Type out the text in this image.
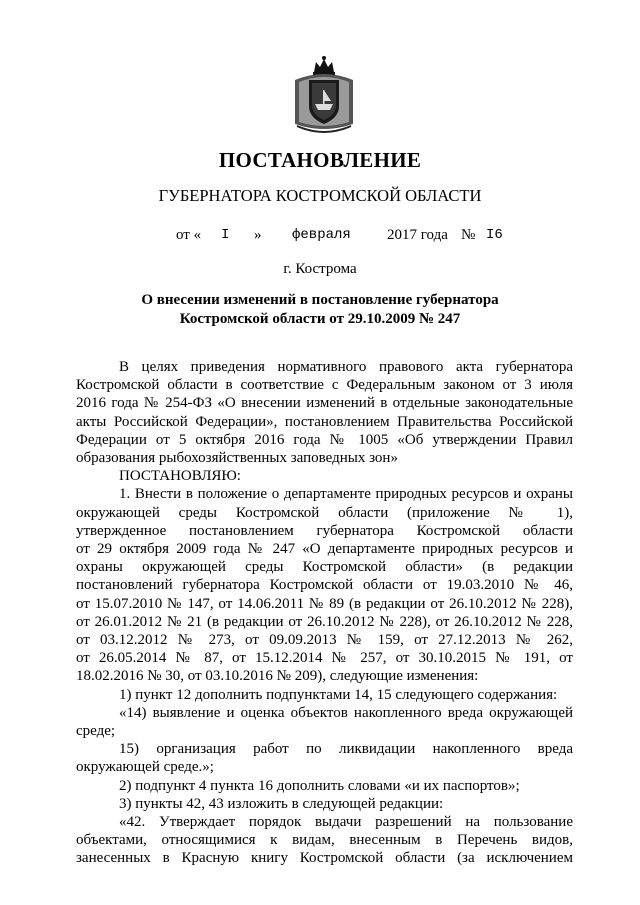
ПОСТАНОВЛЕНИЕ
ГУБЕРНАТОРА КОСТРОМСКОЙ ОБЛАСТИ
от « I » февраля 2017 года № I6
г. Кострома
О внесении изменений в постановление губернатора
Костромской области от 29.10.2009 № 247

В целях приведения нормативного правового акта губернатора

Костромской области в соответствие с Федеральным законом от 3 июля

2016 года № 254-ФЗ «О внесении изменений в отдельные законодательные

акты Российской Федерации», постановлением Правительства Российской

Федерации от 5 октября 2016 года № 1005 «Об утверждении Правил

образования рыбохозяйственных заповедных зон»

ПОСТАНОВЛЯЮ:

1. Внести в положение о департаменте природных ресурсов и охраны

окружающей среды Костромской области (приложение № 1),

утвержденное постановлением губернатора Костромской области

от 29 октября 2009 года № 247 «О департаменте природных ресурсов и

охраны окружающей среды Костромской области» (в редакции

постановлений губернатора Костромской области от 19.03.2010 № 46,

от 15.07.2010 № 147, от 14.06.2011 № 89 (в редакции от 26.10.2012 № 228),

от 26.01.2012 № 21 (в редакции от 26.10.2012 № 228), от 26.10.2012 № 228,

от 03.12.2012 № 273, от 09.09.2013 № 159, от 27.12.2013 № 262,

от 26.05.2014 № 87, от 15.12.2014 № 257, от 30.10.2015 № 191, от

18.02.2016 № 30, от 03.10.2016 № 209), следующие изменения:

1) пункт 12 дополнить подпунктами 14, 15 следующего содержания:

«14) выявление и оценка объектов накопленного вреда окружающей

среде;

15) организация работ по ликвидации накопленного вреда

окружающей среде.»;

2) подпункт 4 пункта 16 дополнить словами «и их паспортов»;

3) пункты 42, 43 изложить в следующей редакции:

«42. Утверждает порядок выдачи разрешений на пользование

объектами, относящимися к видам, внесенным в Перечень видов,

занесенных в Красную книгу Костромской области (за исключением
